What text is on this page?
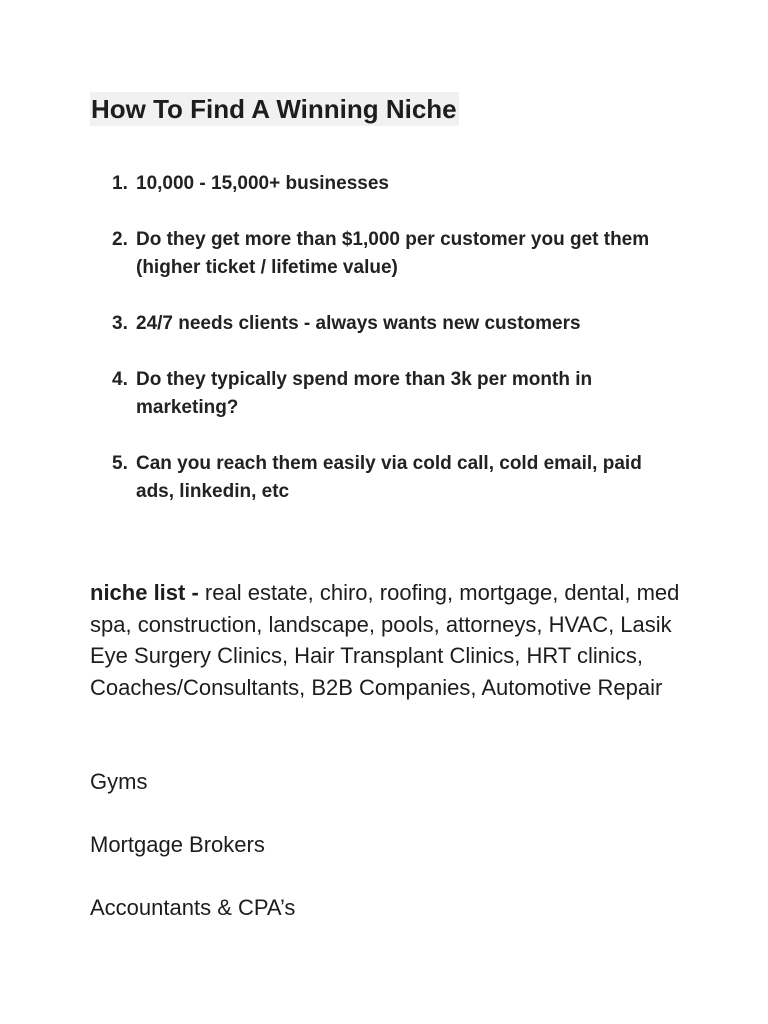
How To Find A Winning Niche
1. 10,000 - 15,000+ businesses
2. Do they get more than $1,000 per customer you get them (higher ticket / lifetime value)
3. 24/7 needs clients - always wants new customers
4. Do they typically spend more than 3k per month in marketing?
5. Can you reach them easily via cold call, cold email, paid ads, linkedin, etc

niche list - real estate, chiro, roofing, mortgage, dental, med spa, construction, landscape, pools, attorneys, HVAC, Lasik Eye Surgery Clinics, Hair Transplant Clinics, HRT clinics, Coaches/Consultants, B2B Companies, Automotive Repair

Gyms

Mortgage Brokers

Accountants & CPA’s
